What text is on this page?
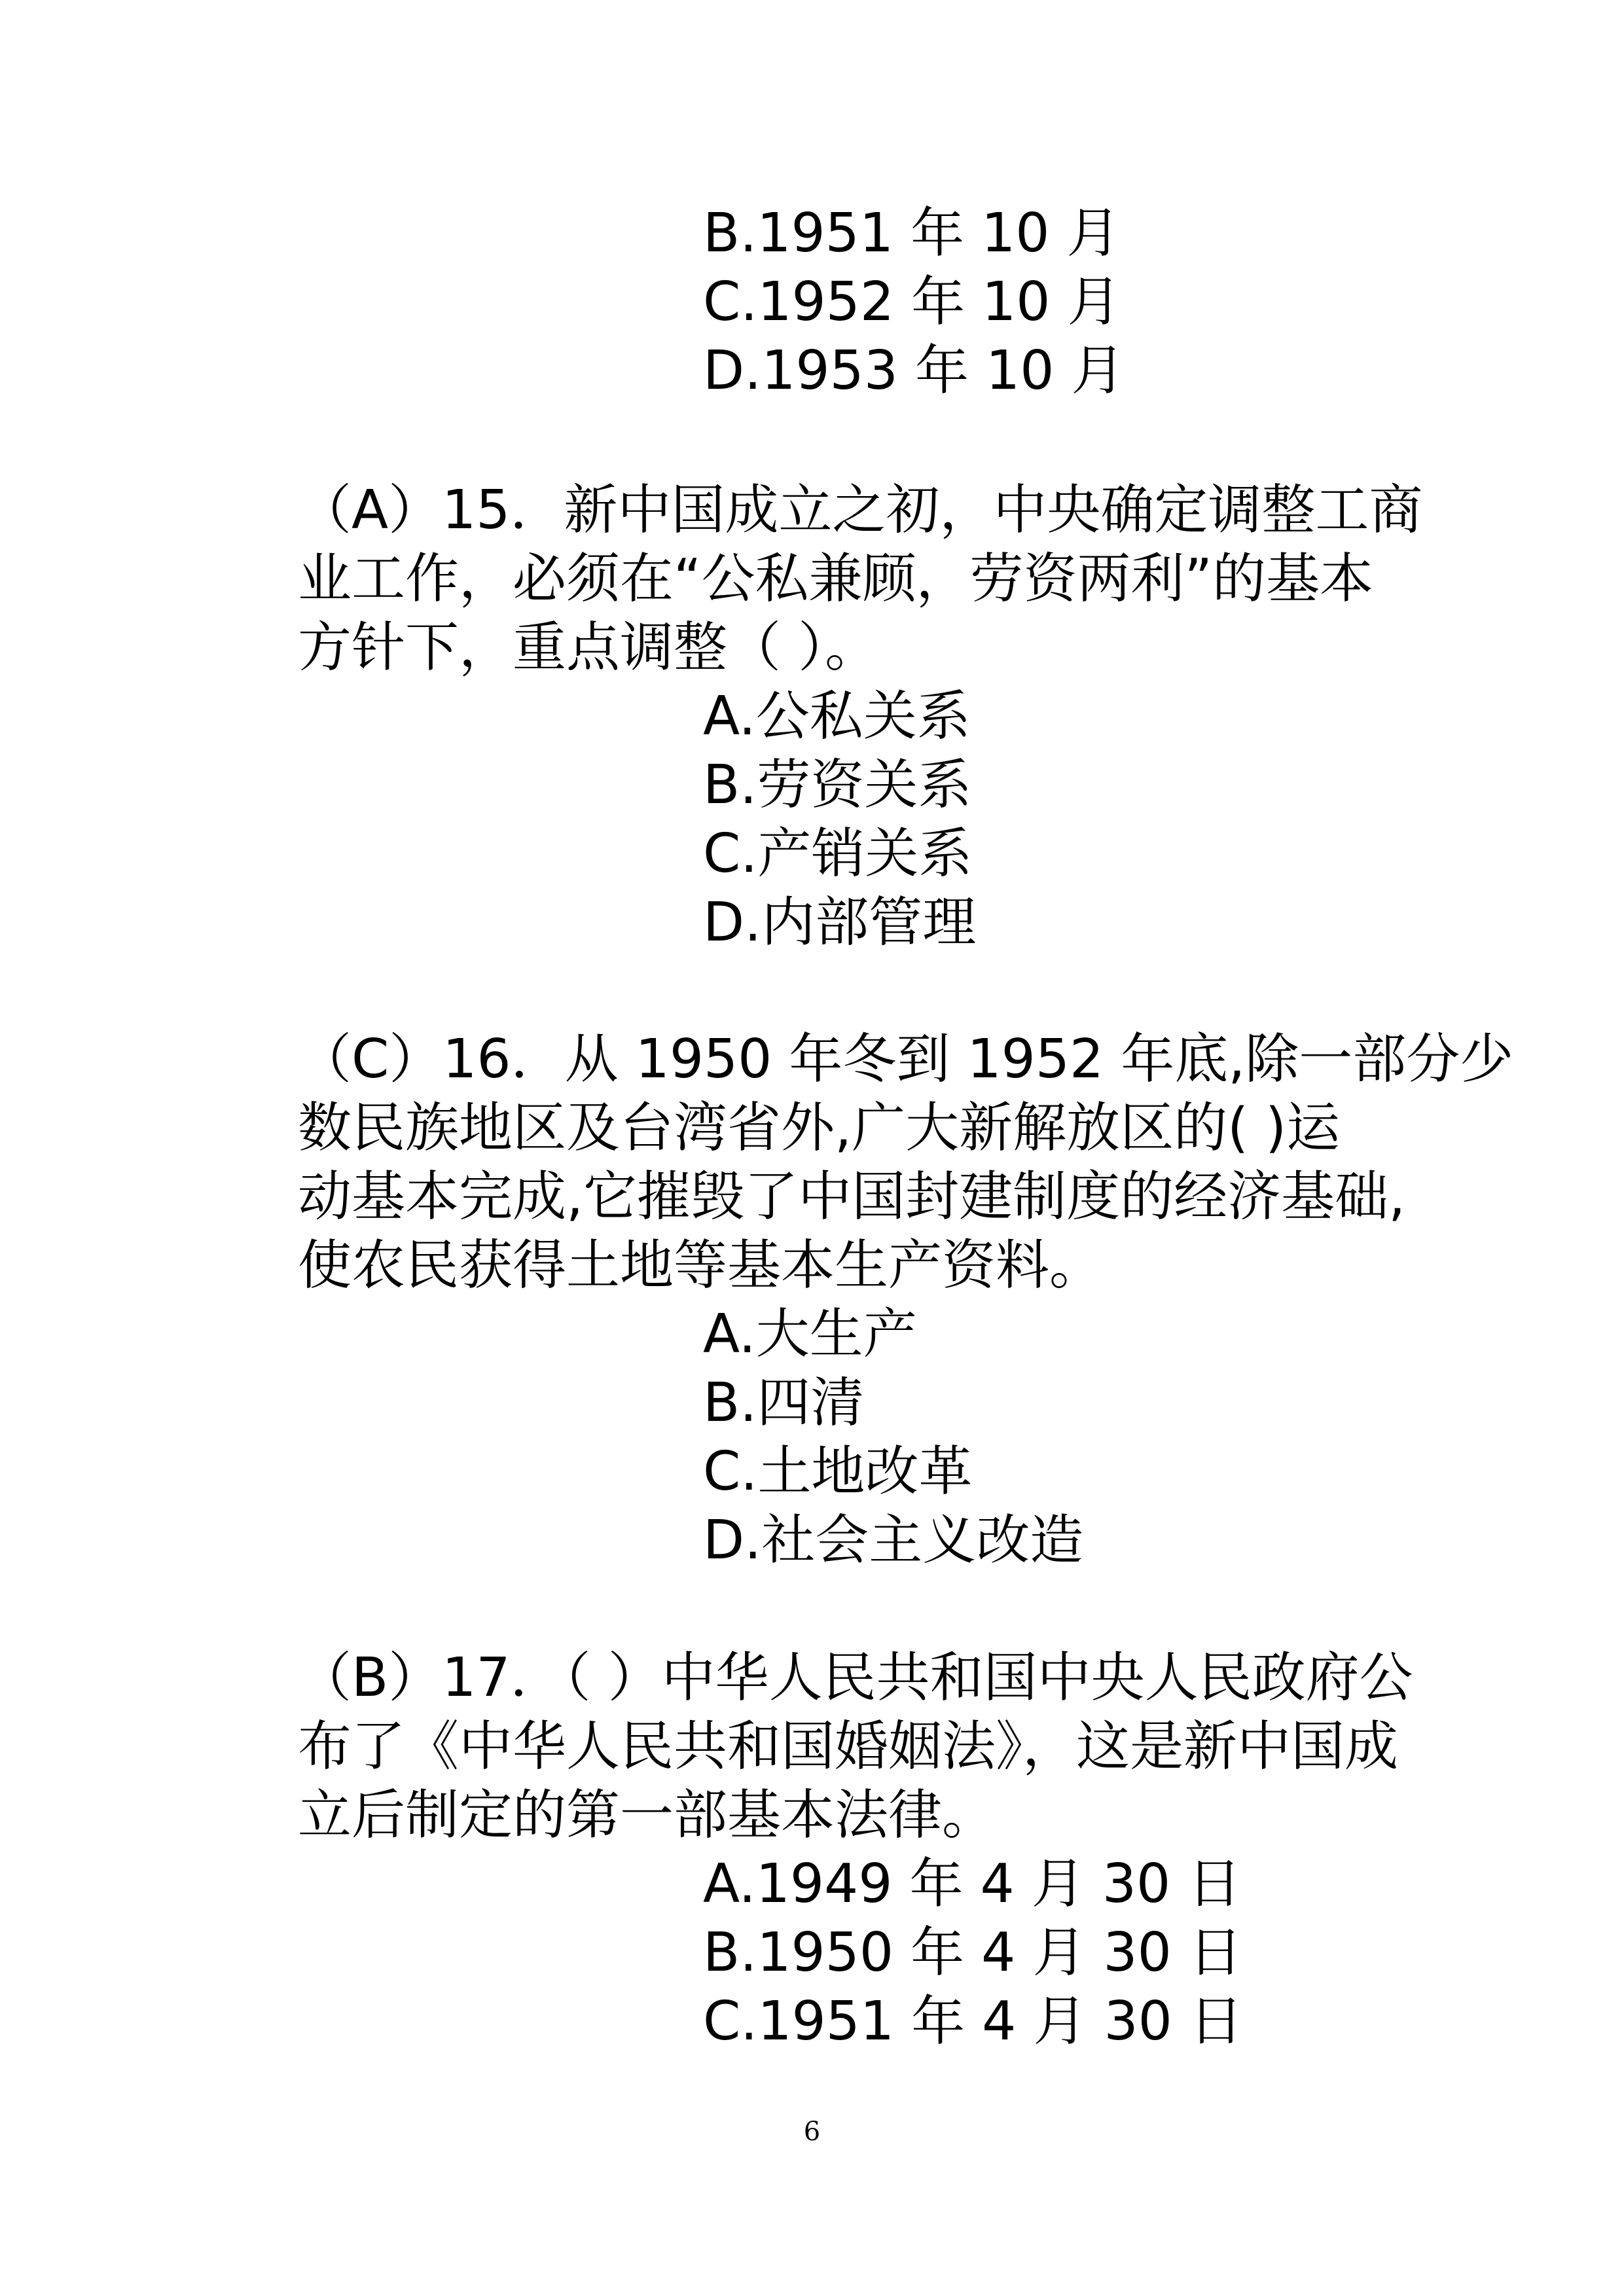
B.1951 年 10 月
C.1952 年 10 月
D.1953 年 10 月
（A）15．新中国成立之初，中央确定调整工商
业工作，必须在“公私兼顾，劳资两利”的基本
方针下，重点调整（ ）。
A.公私关系
B.劳资关系
C.产销关系
D.内部管理
（C）16．从 1950 年冬到 1952 年底,除一部分少
数民族地区及台湾省外,广大新解放区的( )运
动基本完成,它摧毁了中国封建制度的经济基础,
使农民获得土地等基本生产资料。
A.大生产
B.四清
C.土地改革
D.社会主义改造
（B）17．（ ）中华人民共和国中央人民政府公
布了《中华人民共和国婚姻法》，这是新中国成
立后制定的第一部基本法律。
A.1949 年 4 月 30 日
B.1950 年 4 月 30 日
C.1951 年 4 月 30 日
6
